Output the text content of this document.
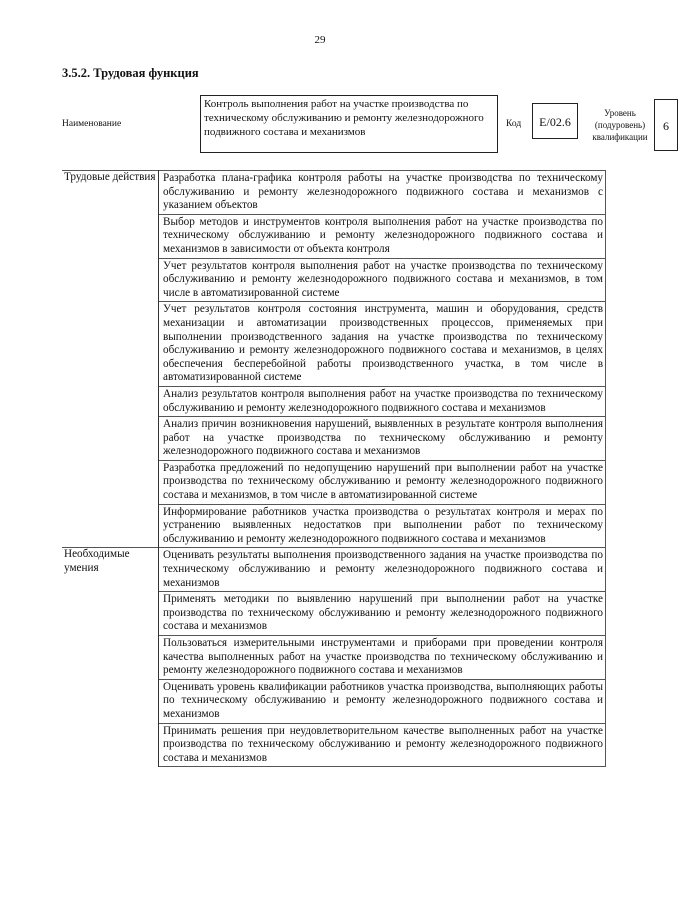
29
3.5.2. Трудовая функция
Наименование
Контроль выполнения работ на участке производства по техническому обслуживанию и ремонту железнодорожного подвижного состава и механизмов
Код	E/02.6
Уровень (подуровень) квалификации
6
Трудовые действия	Разработка плана-графика контроля работы на участке производства по техническому обслуживанию и ремонту железнодорожного подвижного состава и механизмов с указанием объектов
	Выбор методов и инструментов контроля выполнения работ на участке производства по техническому обслуживанию и ремонту железнодорожного подвижного состава и механизмов в зависимости от объекта контроля
	Учет результатов контроля выполнения работ на участке производства по техническому обслуживанию и ремонту железнодорожного подвижного состава и механизмов, в том числе в автоматизированной системе
	Учет результатов контроля состояния инструмента, машин и оборудования, средств механизации и автоматизации производственных процессов, применяемых при выполнении производственного задания на участке производства по техническому обслуживанию и ремонту железнодорожного подвижного состава и механизмов, в целях обеспечения бесперебойной работы производственного участка, в том числе в автоматизированной системе
	Анализ результатов контроля выполнения работ на участке производства по техническому обслуживанию и ремонту железнодорожного подвижного состава и механизмов
	Анализ причин возникновения нарушений, выявленных в результате контроля выполнения работ на участке производства по техническому обслуживанию и ремонту железнодорожного подвижного состава и механизмов
	Разработка предложений по недопущению нарушений при выполнении работ на участке производства по техническому обслуживанию и ремонту железнодорожного подвижного состава и механизмов, в том числе в автоматизированной системе
	Информирование работников участка производства о результатах контроля и мерах по устранению выявленных недостатков при выполнении работ по техническому обслуживанию и ремонту железнодорожного подвижного состава и механизмов
Необходимые умения	Оценивать результаты выполнения производственного задания на участке производства по техническому обслуживанию и ремонту железнодорожного подвижного состава и механизмов
	Применять методики по выявлению нарушений при выполнении работ на участке производства по техническому обслуживанию и ремонту железнодорожного подвижного состава и механизмов
	Пользоваться измерительными инструментами и приборами при проведении контроля качества выполненных работ на участке производства по техническому обслуживанию и ремонту железнодорожного подвижного состава и механизмов
	Оценивать уровень квалификации работников участка производства, выполняющих работы по техническому обслуживанию и ремонту железнодорожного подвижного состава и механизмов
	Принимать решения при неудовлетворительном качестве выполненных работ на участке производства по техническому обслуживанию и ремонту железнодорожного подвижного состава и механизмов
